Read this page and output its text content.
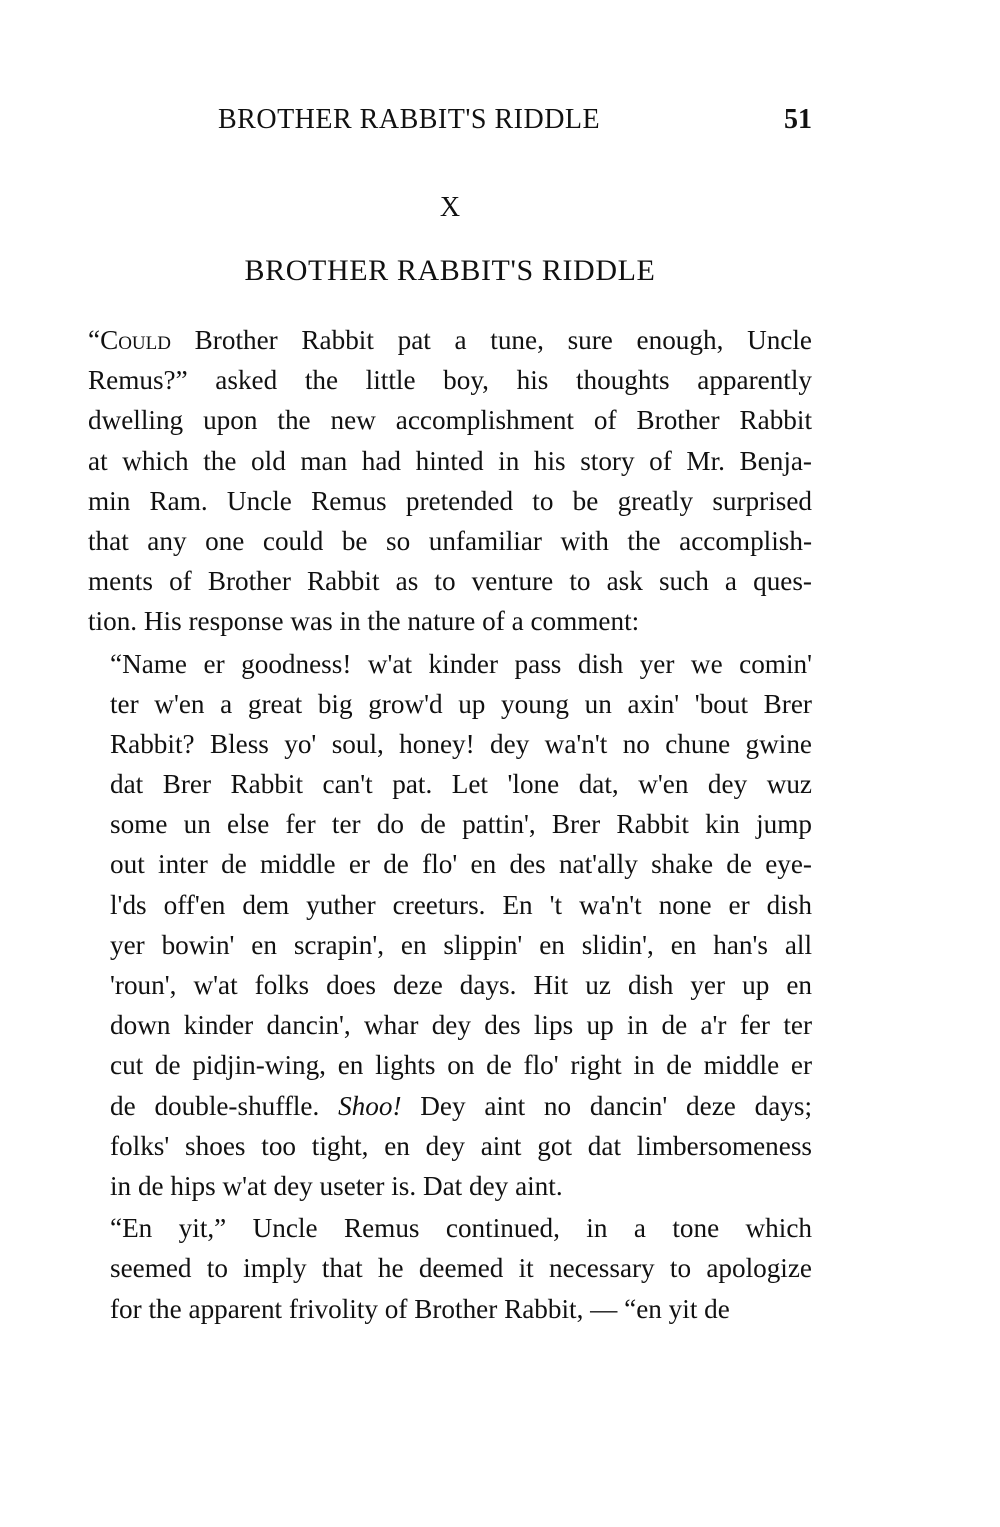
BROTHER RABBIT'S RIDDLE	51
X
BROTHER RABBIT'S RIDDLE
“Could Brother Rabbit pat a tune, sure enough, Uncle
Remus?” asked the little boy, his thoughts apparently
dwelling upon the new accomplishment of Brother Rabbit
at which the old man had hinted in his story of Mr. Benja-
min Ram. Uncle Remus pretended to be greatly surprised
that any one could be so unfamiliar with the accomplish-
ments of Brother Rabbit as to venture to ask such a ques-
tion. His response was in the nature of a comment:
“Name er goodness! w'at kinder pass dish yer we comin'
ter w'en a great big grow'd up young un axin' 'bout Brer
Rabbit? Bless yo' soul, honey! dey wa'n't no chune gwine
dat Brer Rabbit can't pat. Let 'lone dat, w'en dey wuz
some un else fer ter do de pattin', Brer Rabbit kin jump
out inter de middle er de flo' en des nat'ally shake de eye-
l'ds off'en dem yuther creeturs. En 't wa'n't none er dish
yer bowin' en scrapin', en slippin' en slidin', en han's all
'roun', w'at folks does deze days. Hit uz dish yer up en
down kinder dancin', whar dey des lips up in de a'r fer ter
cut de pidjin-wing, en lights on de flo' right in de middle er
de double-shuffle. Shoo! Dey aint no dancin' deze days;
folks' shoes too tight, en dey aint got dat limbersomeness
in de hips w'at dey useter is. Dat dey aint.
“En yit,” Uncle Remus continued, in a tone which
seemed to imply that he deemed it necessary to apologize
for the apparent frivolity of Brother Rabbit, — “en yit de
